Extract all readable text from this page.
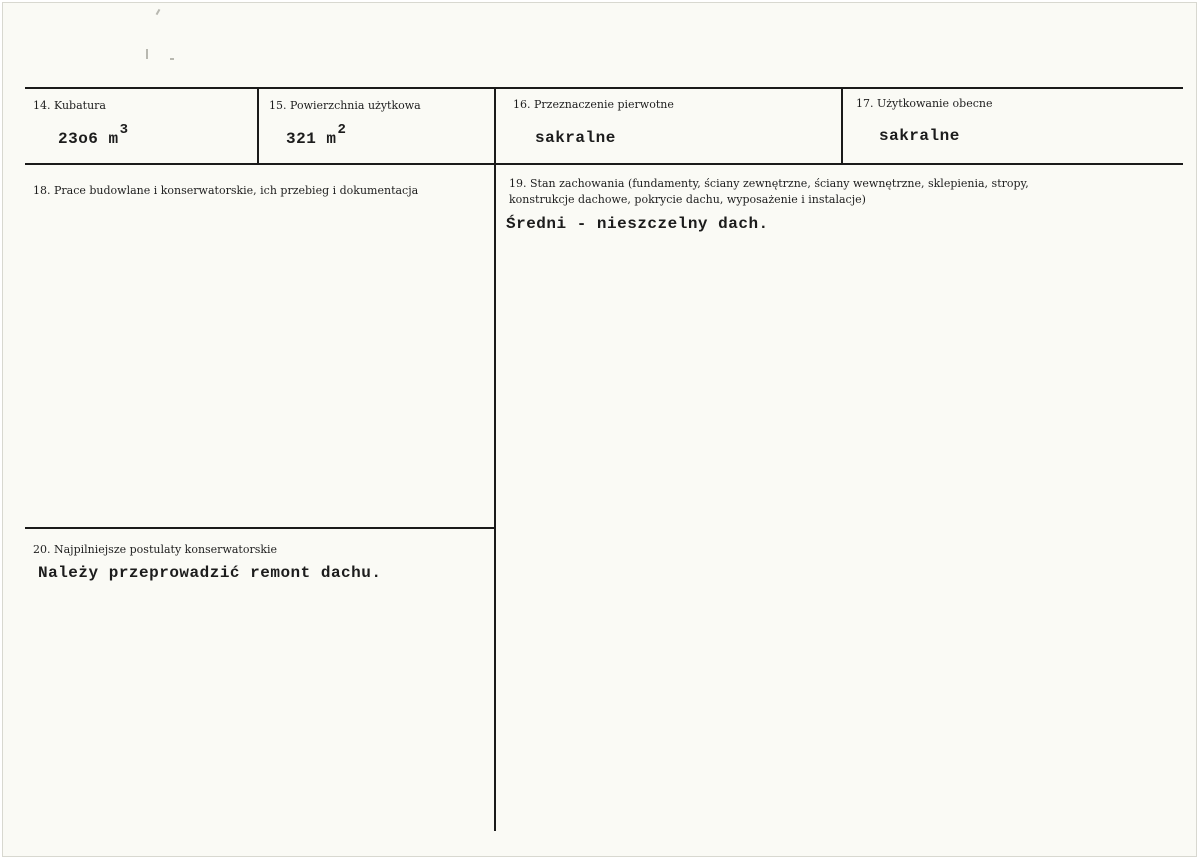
14. Kubatura
23o6 m3
15. Powierzchnia użytkowa
321 m2
16. Przeznaczenie pierwotne
sakralne
17. Użytkowanie obecne
sakralne
18. Prace budowlane i konserwatorskie, ich przebieg i dokumentacja
19. Stan zachowania (fundamenty, ściany zewnętrzne, ściany wewnętrzne, sklepienia, stropy, konstrukcje dachowe, pokrycie dachu, wyposażenie i instalacje)
Średni - nieszczelny dach.
20. Najpilniejsze postulaty konserwatorskie
Należy przeprowadzić remont dachu.
